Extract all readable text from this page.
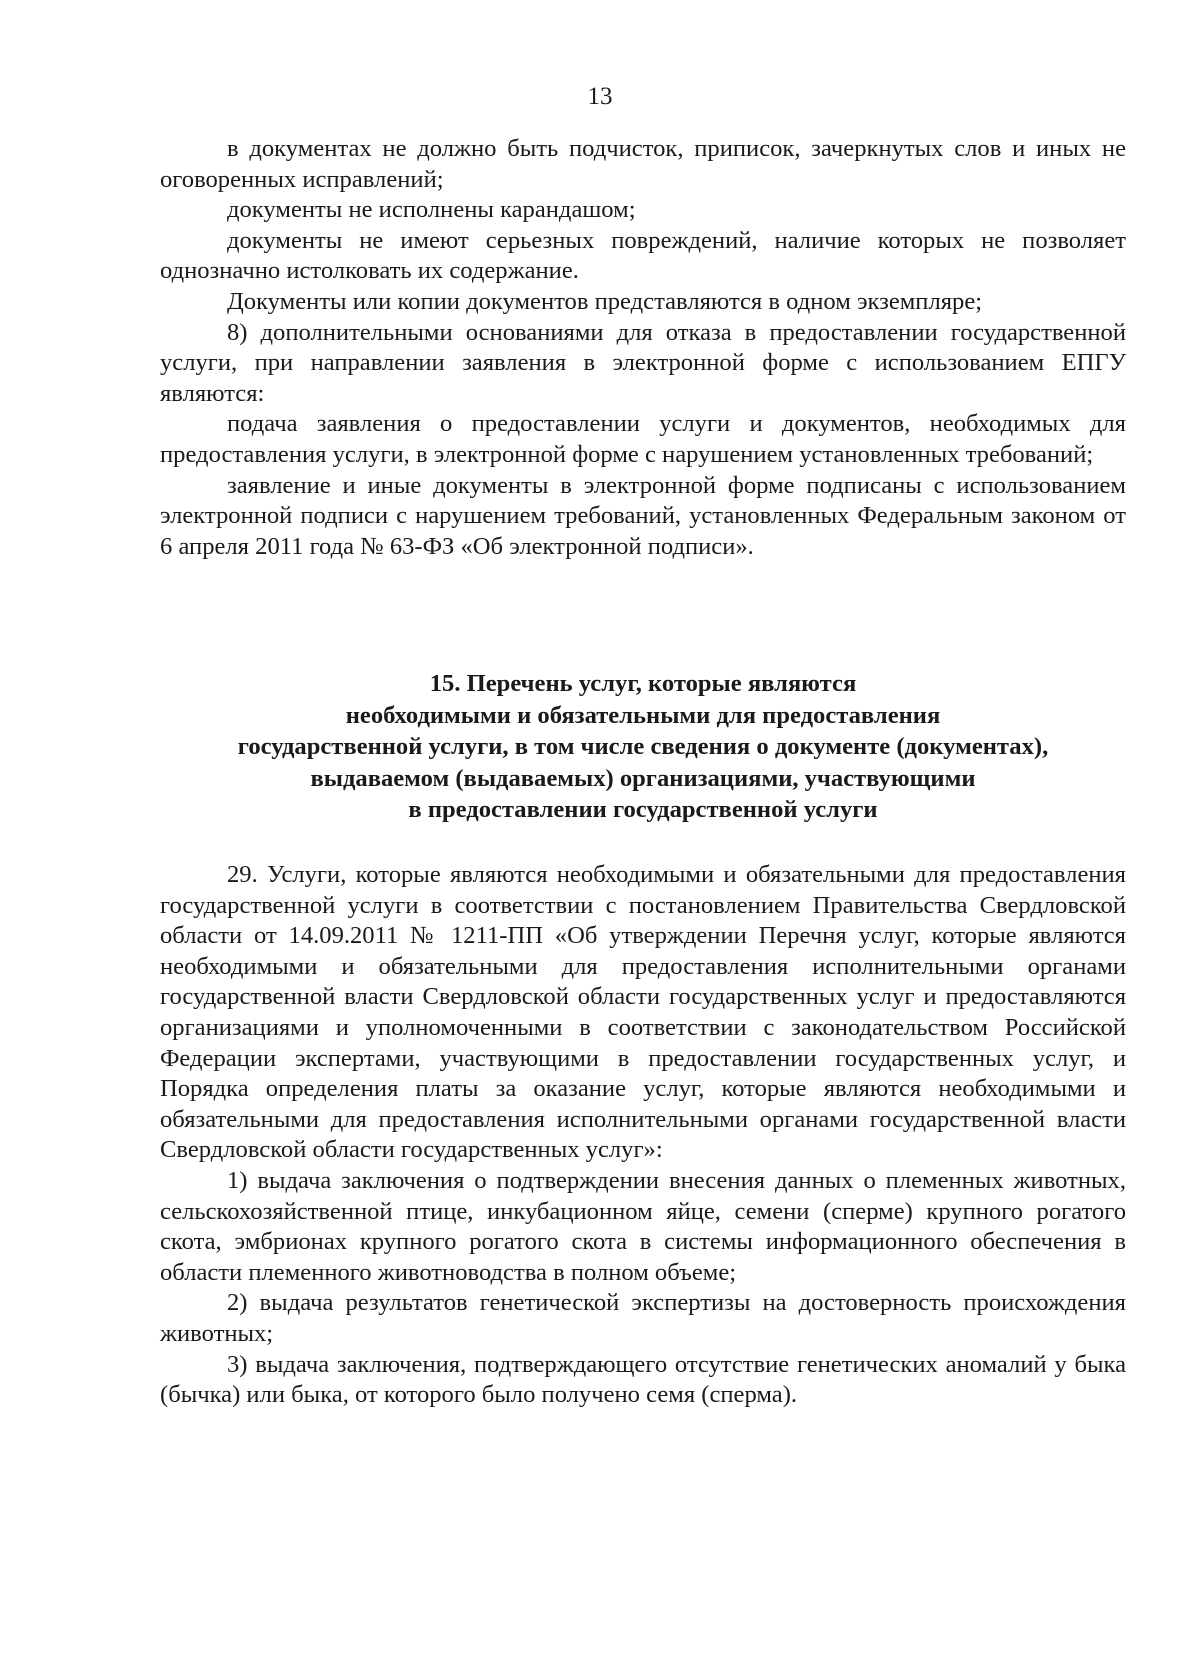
13

в документах не должно быть подчисток, приписок, зачеркнутых слов и иных не оговоренных исправлений;

документы не исполнены карандашом;

документы не имеют серьезных повреждений, наличие которых не позволяет однозначно истолковать их содержание.

Документы или копии документов представляются в одном экземпляре;

8) дополнительными основаниями для отказа в предоставлении государственной услуги, при направлении заявления в электронной форме с использованием ЕПГУ являются:

подача заявления о предоставлении услуги и документов, необходимых для предоставления услуги, в электронной форме с нарушением установленных требований;

заявление и иные документы в электронной форме подписаны с использованием электронной подписи с нарушением требований, установленных Федеральным законом от 6 апреля 2011 года № 63-ФЗ «Об электронной подписи».

15. Перечень услуг, которые являются
необходимыми и обязательными для предоставления
государственной услуги, в том числе сведения о документе (документах),
выдаваемом (выдаваемых) организациями, участвующими
в предоставлении государственной услуги

29. Услуги, которые являются необходимыми и обязательными для предоставления государственной услуги в соответствии с постановлением Правительства Свердловской области от 14.09.2011 № 1211-ПП «Об утверждении Перечня услуг, которые являются необходимыми и обязательными для предоставления исполнительными органами государственной власти Свердловской области государственных услуг и предоставляются организациями и уполномоченными в соответствии с законодательством Российской Федерации экспертами, участвующими в предоставлении государственных услуг, и Порядка определения платы за оказание услуг, которые являются необходимыми и обязательными для предоставления исполнительными органами государственной власти Свердловской области государственных услуг»:

1) выдача заключения о подтверждении внесения данных о племенных животных, сельскохозяйственной птице, инкубационном яйце, семени (сперме) крупного рогатого скота, эмбрионах крупного рогатого скота в системы информационного обеспечения в области племенного животноводства в полном объеме;

2) выдача результатов генетической экспертизы на достоверность происхождения животных;

3) выдача заключения, подтверждающего отсутствие генетических аномалий у быка (бычка) или быка, от которого было получено семя (сперма).
